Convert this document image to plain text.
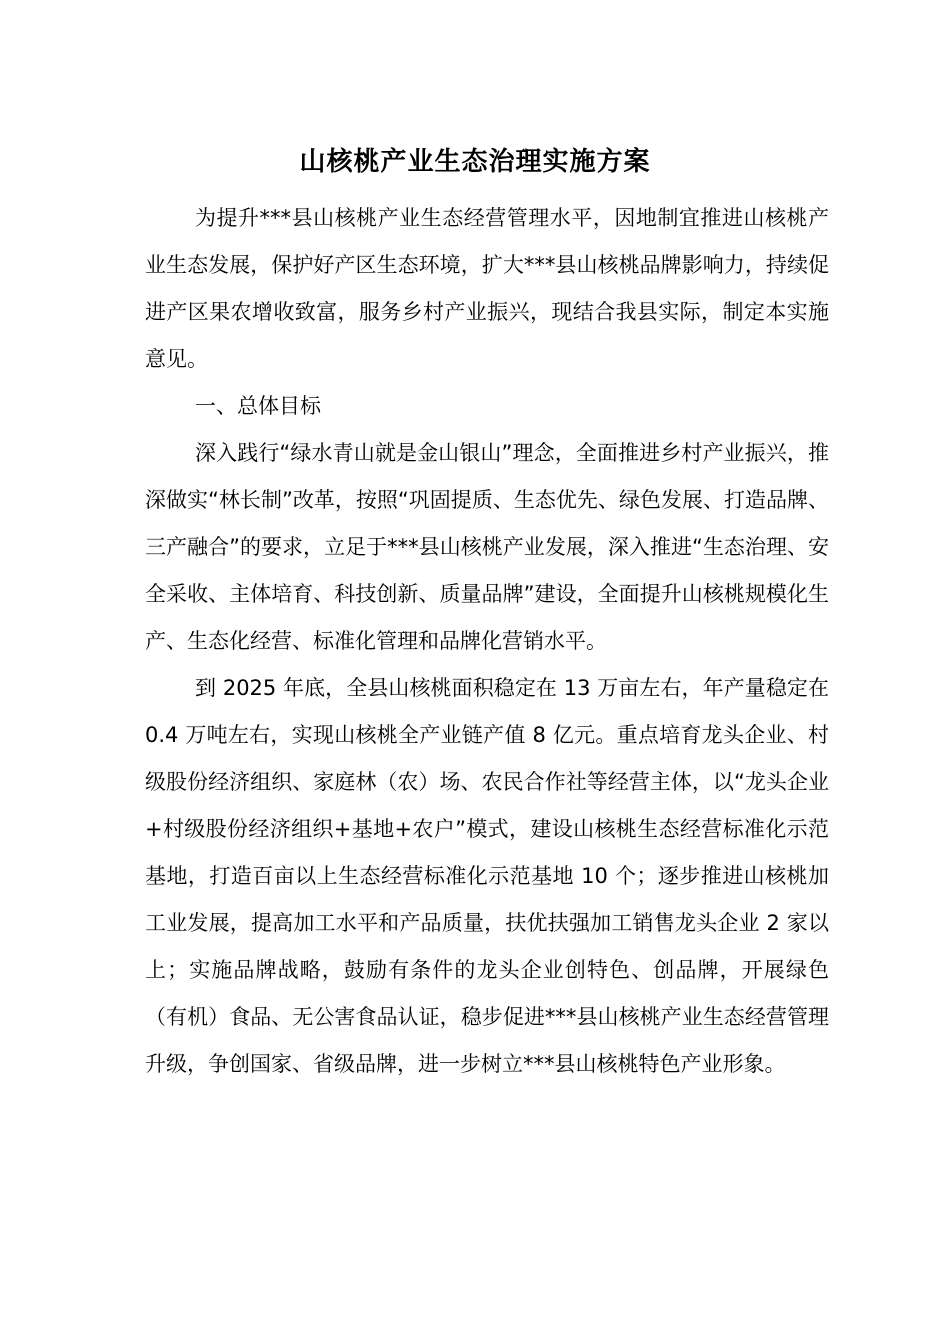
山核桃产业生态治理实施方案

为提升***县山核桃产业生态经营管理水平，因地制宜推进山核桃产业生态发展，保护好产区生态环境，扩大***县山核桃品牌影响力，持续促进产区果农增收致富，服务乡村产业振兴，现结合我县实际，制定本实施意见。

一、总体目标

深入践行“绿水青山就是金山银山”理念，全面推进乡村产业振兴，推深做实“林长制”改革，按照“巩固提质、生态优先、绿色发展、打造品牌、三产融合”的要求，立足于***县山核桃产业发展，深入推进“生态治理、安全采收、主体培育、科技创新、质量品牌”建设，全面提升山核桃规模化生产、生态化经营、标准化管理和品牌化营销水平。

到 2025 年底，全县山核桃面积稳定在 13 万亩左右，年产量稳定在 0.4 万吨左右，实现山核桃全产业链产值 8 亿元。重点培育龙头企业、村级股份经济组织、家庭林（农）场、农民合作社等经营主体，以“龙头企业+村级股份经济组织+基地+农户”模式，建设山核桃生态经营标准化示范基地，打造百亩以上生态经营标准化示范基地 10 个；逐步推进山核桃加工业发展，提高加工水平和产品质量，扶优扶强加工销售龙头企业 2 家以上；实施品牌战略，鼓励有条件的龙头企业创特色、创品牌，开展绿色（有机）食品、无公害食品认证，稳步促进***县山核桃产业生态经营管理升级，争创国家、省级品牌，进一步树立***县山核桃特色产业形象。
